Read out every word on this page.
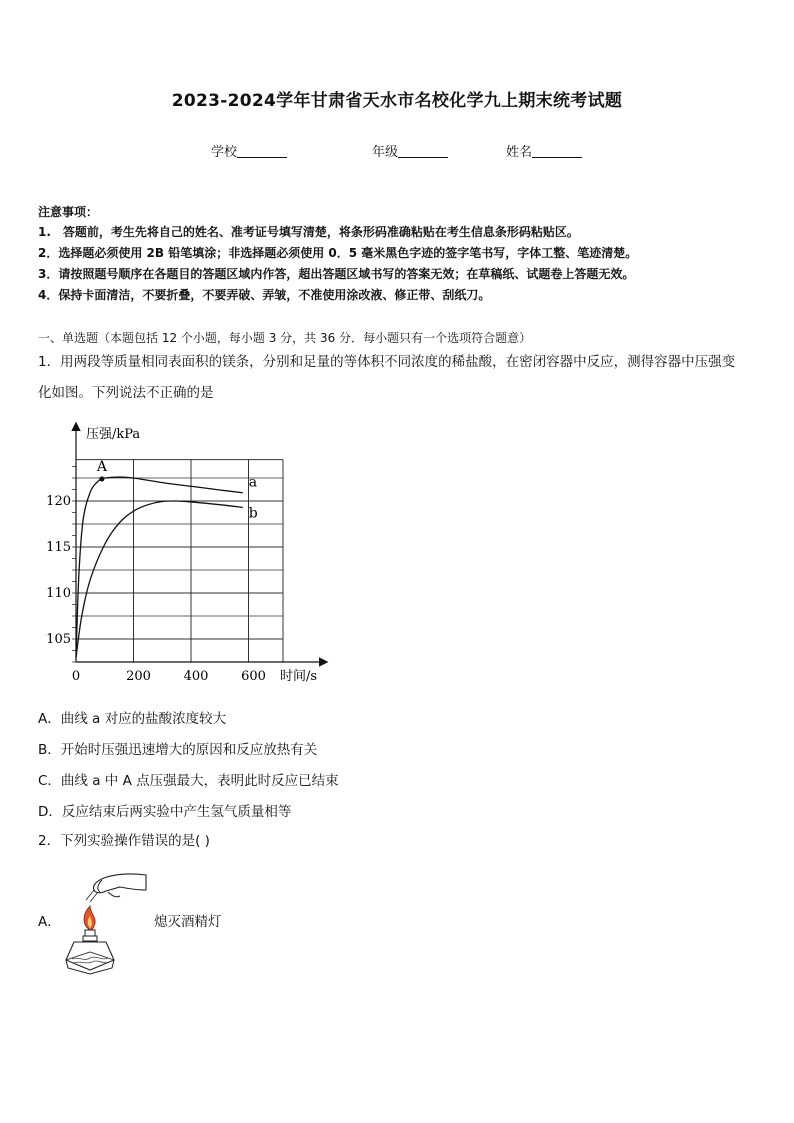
2023-2024学年甘肃省天水市名校化学九上期末统考试题
学校	年级	姓名
注意事项：
1.　答题前，考生先将自己的姓名、准考证号填写清楚，将条形码准确粘贴在考生信息条形码粘贴区。
2．选择题必须使用 2B 铅笔填涂；非选择题必须使用 0．5 毫米黑色字迹的签字笔书写，字体工整、笔迹清楚。
3．请按照题号顺序在各题目的答题区域内作答，超出答题区域书写的答案无效；在草稿纸、试题卷上答题无效。
4．保持卡面清洁，不要折叠，不要弄破、弄皱，不准使用涂改液、修正带、刮纸刀。
一、单选题（本题包括 12 个小题，每小题 3 分，共 36 分．每小题只有一个选项符合题意）
1．用两段等质量相同表面积的镁条，分别和足量的等体积不同浓度的稀盐酸，在密闭容器中反应，测得容器中压强变
化如图。下列说法不正确的是
105
110
115
120
0	200	400	600
a
b
A
压强/kPa
时间/s
A．曲线 a 对应的盐酸浓度较大
B．开始时压强迅速增大的原因和反应放热有关
C．曲线 a 中 A 点压强最大，表明此时反应已结束
D．反应结束后两实验中产生氢气质量相等
2．下列实验操作错误的是( )
A．	熄灭酒精灯
